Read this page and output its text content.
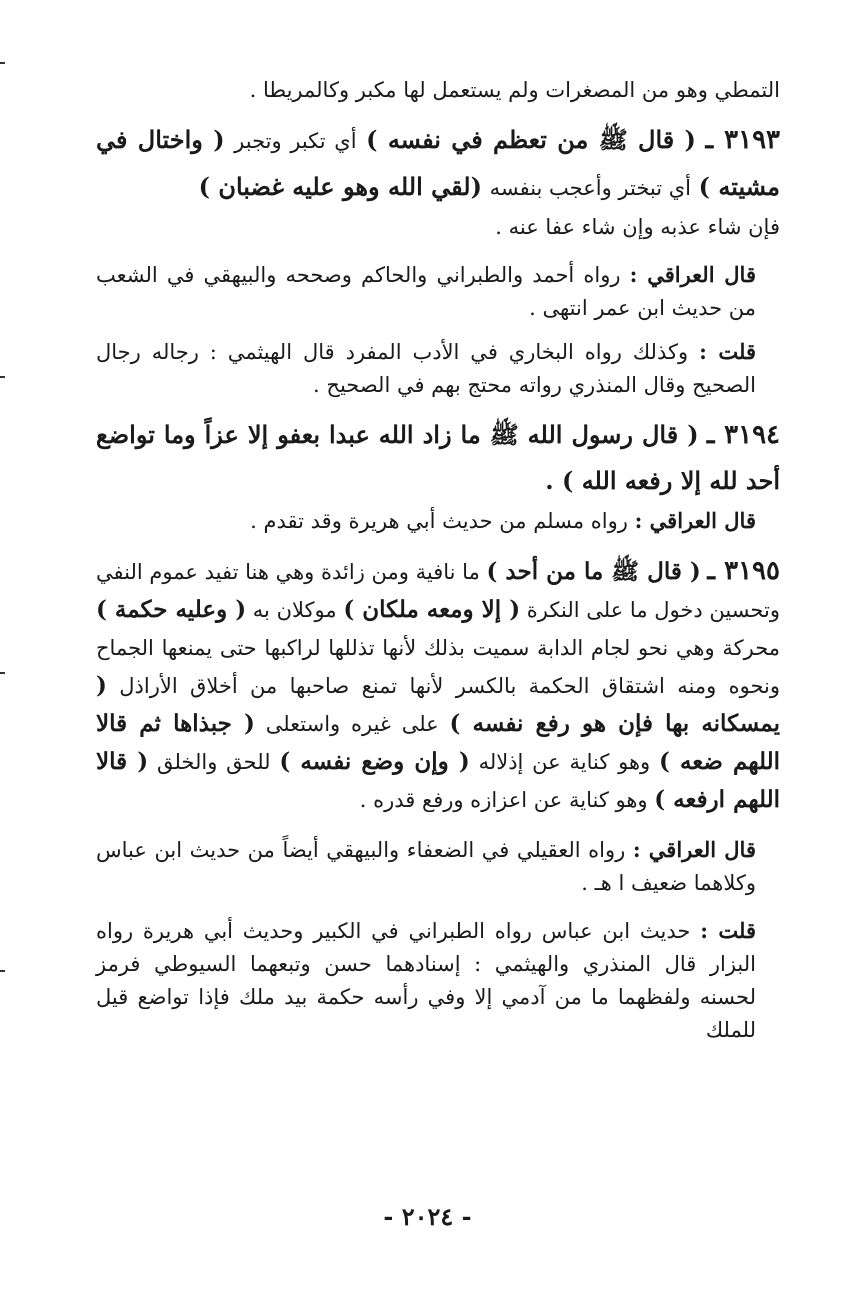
التمطي وهو من المصغرات ولم يستعمل لها مكبر وكالمريطا .

٣١٩٣ ـ ( قال ﷺ من تعظم في نفسه ) أي تكبر وتجبر ( واختال في مشيته ) أي تبختر وأعجب بنفسه (لقي الله وهو عليه غضبان )

فإن شاء عذبه وإن شاء عفا عنه .

قال العراقي : رواه أحمد والطبراني والحاكم وصححه والبيهقي في الشعب من حديث ابن عمر انتهى .

قلت : وكذلك رواه البخاري في الأدب المفرد قال الهيثمي : رجاله رجال الصحيح وقال المنذري رواته محتج بهم في الصحيح .

٣١٩٤ ـ ( قال رسول الله ﷺ ما زاد الله عبدا بعفو إلا عزاً وما تواضع أحد لله إلا رفعه الله ) .

قال العراقي : رواه مسلم من حديث أبي هريرة وقد تقدم .

٣١٩٥ ـ ( قال ﷺ ما من أحد ) ما نافية ومن زائدة وهي هنا تفيد عموم النفي وتحسين دخول ما على النكرة ( إلا ومعه ملكان ) موكلان به ( وعليه حكمة ) محركة وهي نحو لجام الدابة سميت بذلك لأنها تذللها لراكبها حتى يمنعها الجماح ونحوه ومنه اشتقاق الحكمة بالكسر لأنها تمنع صاحبها من أخلاق الأراذل ( يمسكانه بها فإن هو رفع نفسه ) على غيره واستعلى ( جبذاها ثم قالا اللهم ضعه ) وهو كناية عن إذلاله ( وإن وضع نفسه ) للحق والخلق ( قالا اللهم ارفعه ) وهو كناية عن اعزازه ورفع قدره .

قال العراقي : رواه العقيلي في الضعفاء والبيهقي أيضاً من حديث ابن عباس وكلاهما ضعيف ا هـ .

قلت : حديث ابن عباس رواه الطبراني في الكبير وحديث أبي هريرة رواه البزار قال المنذري والهيثمي : إسنادهما حسن وتبعهما السيوطي فرمز لحسنه ولفظهما ما من آدمي إلا وفي رأسه حكمة بيد ملك فإذا تواضع قيل للملك

- ٢٠٢٤ -
